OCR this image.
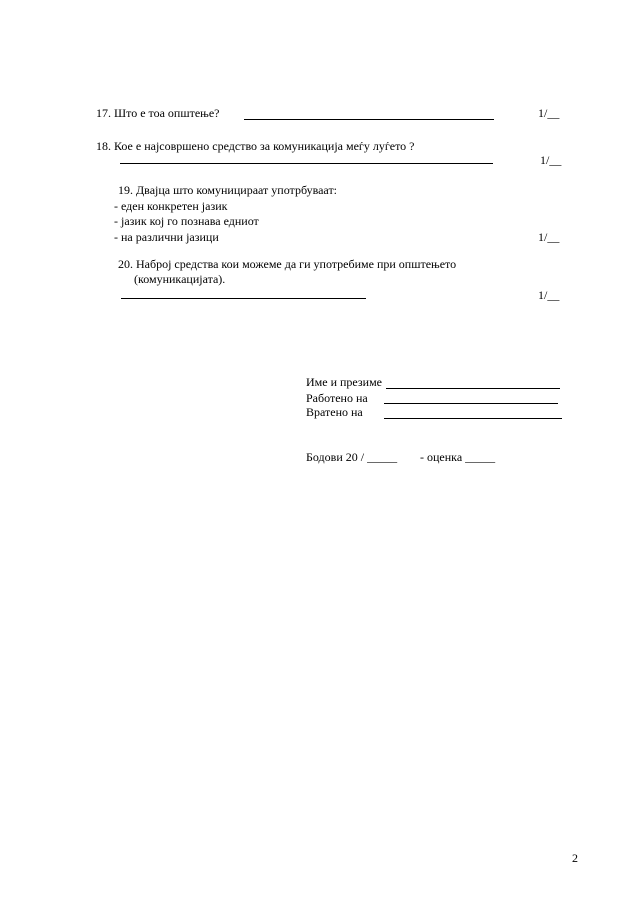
17. Што е тоа општење?	1/__
18. Кое е најсовршено средство за комуникација меѓу луѓето ?
1/__
19. Двајца што комуницираат употрбуваат:
- еден конкретен јазик
- јазик кој го познава едниот
- на различни јазици	1/__
20. Наброј средства кои можеме да ги употребиме при општењето
(комуникацијата).
1/__
Име и презиме
Работено на
Вратено на
Бодови 20 / _____ - оценка _____
2
